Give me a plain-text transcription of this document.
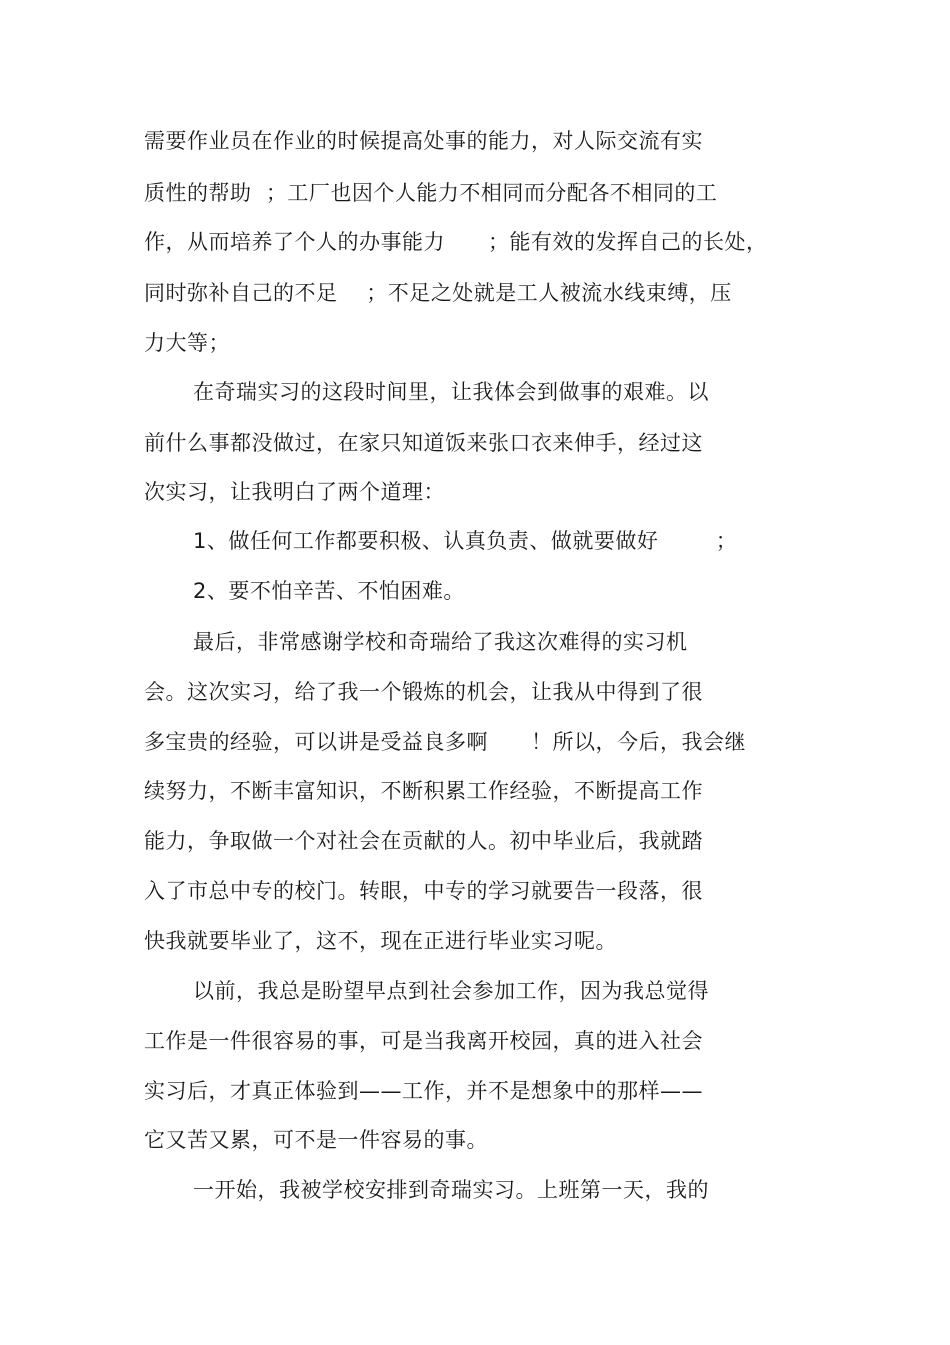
需要作业员在作业的时候提高处事的能力，对人际交流有实
质性的帮助  ；工厂也因个人能力不相同而分配各不相同的工
作，从而培养了个人的办事能力      ；能有效的发挥自己的长处，
同时弥补自己的不足    ；不足之处就是工人被流水线束缚，压
力大等；
在奇瑞实习的这段时间里，让我体会到做事的艰难。以
前什么事都没做过，在家只知道饭来张口衣来伸手，经过这
次实习，让我明白了两个道理：
1、做任何工作都要积极、认真负责、做就要做好        ；
2、要不怕辛苦、不怕困难。
最后，非常感谢学校和奇瑞给了我这次难得的实习机
会。这次实习，给了我一个锻炼的机会，让我从中得到了很
多宝贵的经验，可以讲是受益良多啊      ！所以，今后，我会继
续努力，不断丰富知识，不断积累工作经验，不断提高工作
能力，争取做一个对社会在贡献的人。初中毕业后，我就踏
入了市总中专的校门。转眼，中专的学习就要告一段落，很
快我就要毕业了，这不，现在正进行毕业实习呢。
以前，我总是盼望早点到社会参加工作，因为我总觉得
工作是一件很容易的事，可是当我离开校园，真的进入社会
实习后，才真正体验到——工作，并不是想象中的那样——
它又苦又累，可不是一件容易的事。
一开始，我被学校安排到奇瑞实习。上班第一天，我的
